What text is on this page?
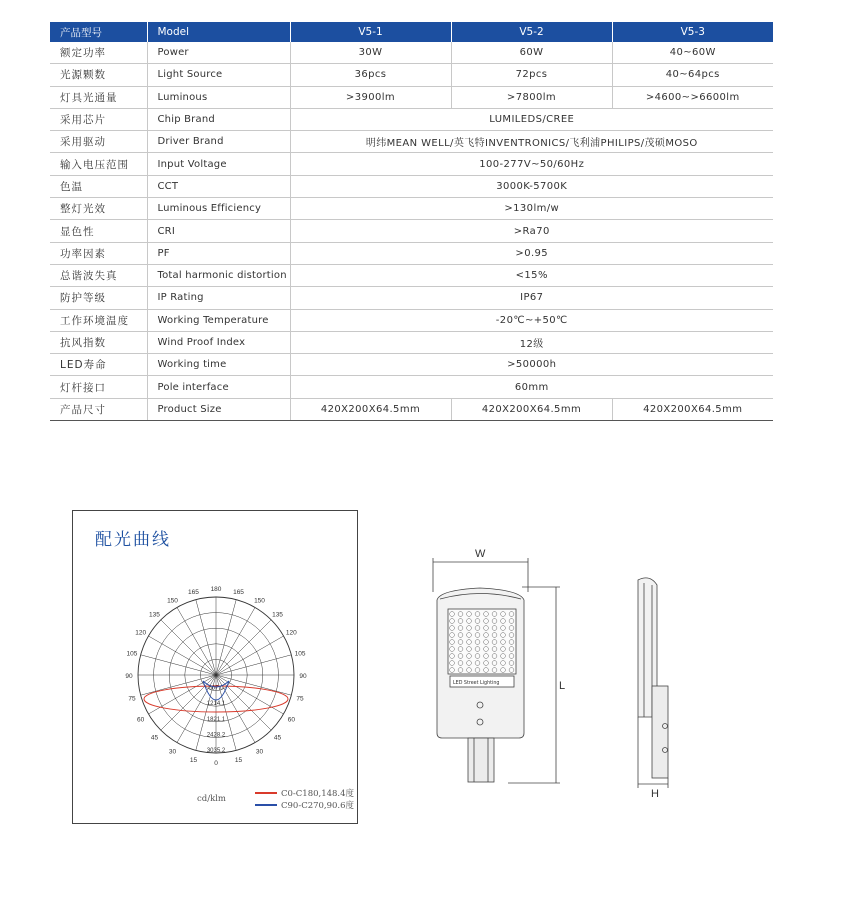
产品型号	Model	V5-1	V5-2	V5-3
额定功率	Power	30W	60W	40~60W
光源颗数	Light Source	36pcs	72pcs	40~64pcs
灯具光通量	Luminous	>3900lm	>7800lm	>4600~>6600lm
采用芯片	Chip Brand	LUMILEDS/CREE		
采用驱动	Driver Brand	明纬MEAN WELL/英飞特INVENTRONICS/飞利浦PHILIPS/茂硕MOSO		
输入电压范围	Input Voltage	100-277V~50/60Hz		
色温	CCT	3000K-5700K		
整灯光效	Luminous Efficiency	>130lm/w		
显色性	CRI	>Ra70		
功率因素	PF	>0.95		
总谐波失真	Total harmonic distortion	<15%		
防护等级	IP Rating	IP67		
工作环境温度	Working Temperature	-20℃~+50℃		
抗风指数	Wind Proof Index	12级		
LED寿命	Working time	>50000h		
灯杆接口	Pole interface	60mm		
产品尺寸	Product Size	420X200X64.5mm	420X200X64.5mm	420X200X64.5mm
配光曲线
180 165
165
150
150
135
135
120
120
105
105
90
90
75
75
60
60
45
45
30
30
15
15	0
607.0
1214.1
1821.1
2428.2
3035.2
cd/klm	C0-C180,148.4度
C90-C270,90.6度
LED Street Lighting
W
L
H
